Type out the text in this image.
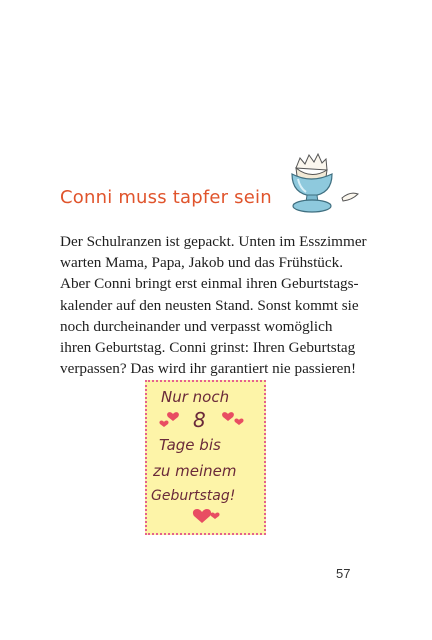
Conni muss tapfer sein
Der Schulranzen ist gepackt. Unten im Esszimmer
warten Mama, Papa, Jakob und das Frühstück.
Aber Conni bringt erst einmal ihren Geburtstags-
kalender auf den neusten Stand. Sonst kommt sie
noch durcheinander und verpasst womöglich
ihren Geburtstag. Conni grinst: Ihren Geburtstag
verpassen? Das wird ihr garantiert nie passieren!
Nur noch
8
Tage bis
zu meinem
Geburtstag!
57
